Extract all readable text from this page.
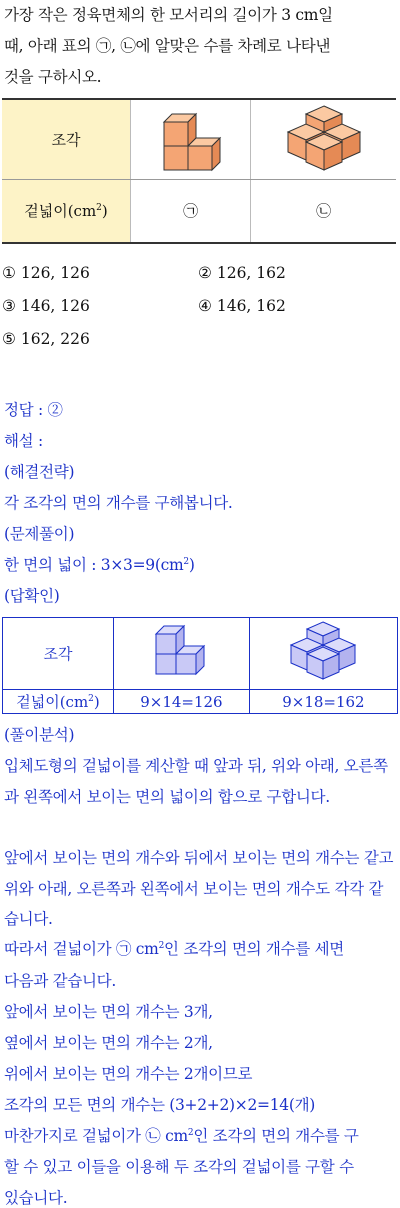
가장 작은 정육면체의 한 모서리의 길이가 3 cm일
때, 아래 표의 ㉠, ㉡에 알맞은 수를 차례로 나타낸
것을 구하시오.
조각		
겉넓이$(cm^2)$	㉠	㉡
① 126, 126	② 126, 162
③ 146, 126	④ 146, 162
⑤ 162, 226
정답 : ②
해설 :
(해결전략)
각 조각의 면의 개수를 구해봅니다.
(문제풀이)
한 면의 넓이 : $3\times 3=9(cm^2)$
(답확인)
조각		
겉넓이$(cm^2)$	9×14=126	9×18=162
(풀이분석)
입체도형의 겉넓이를 계산할 때 앞과 뒤, 위와 아래, 오른쪽과 왼쪽에서 보이는 면의 넓이의 합으로 구합니다.
앞에서 보이는 면의 개수와 뒤에서 보이는 면의 개수는 같고 위와 아래, 오른쪽과 왼쪽에서 보이는 면의 개수도 각각 같습니다.
따라서 겉넓이가 ㉠ $cm^2$인 조각의 면의 개수를 세면
다음과 같습니다.
앞에서 보이는 면의 개수는 3개,
옆에서 보이는 면의 개수는 2개,
위에서 보이는 면의 개수는 2개이므로
조각의 모든 면의 개수는 (3+2+2)×2=14(개)
마찬가지로 겉넓이가 ㉡ $cm^2$인 조각의 면의 개수를 구
할 수 있고 이들을 이용해 두 조각의 겉넓이를 구할 수
있습니다.
